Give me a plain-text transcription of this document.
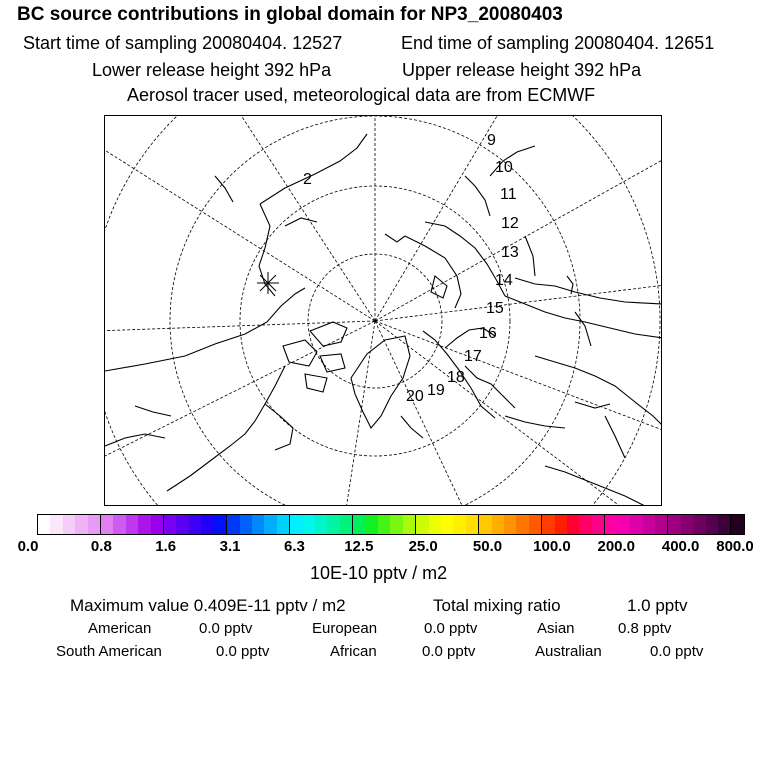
BC source contributions in global domain for NP3_20080403
Start time of sampling 20080404. 12527	End time of sampling 20080404. 12651
Lower release height 392 hPa	Upper release height 392 hPa
Aerosol tracer used, meteorological data are from ECMWF
2
9
10
11
12
13
14
15
16
17
18
19
20
0.0	0.8	1.6	3.1	6.3	12.5 25.0 50.0 100.0 200.0 400.0 800.0
10E-10 pptv / m2
Maximum value 0.409E-11 pptv / m2	Total mixing ratio	1.0 pptv
American	0.0 pptv	European	0.0 pptv	Asian	0.8 pptv
South American	0.0 pptv	African	0.0 pptv	Australian	0.0 pptv
